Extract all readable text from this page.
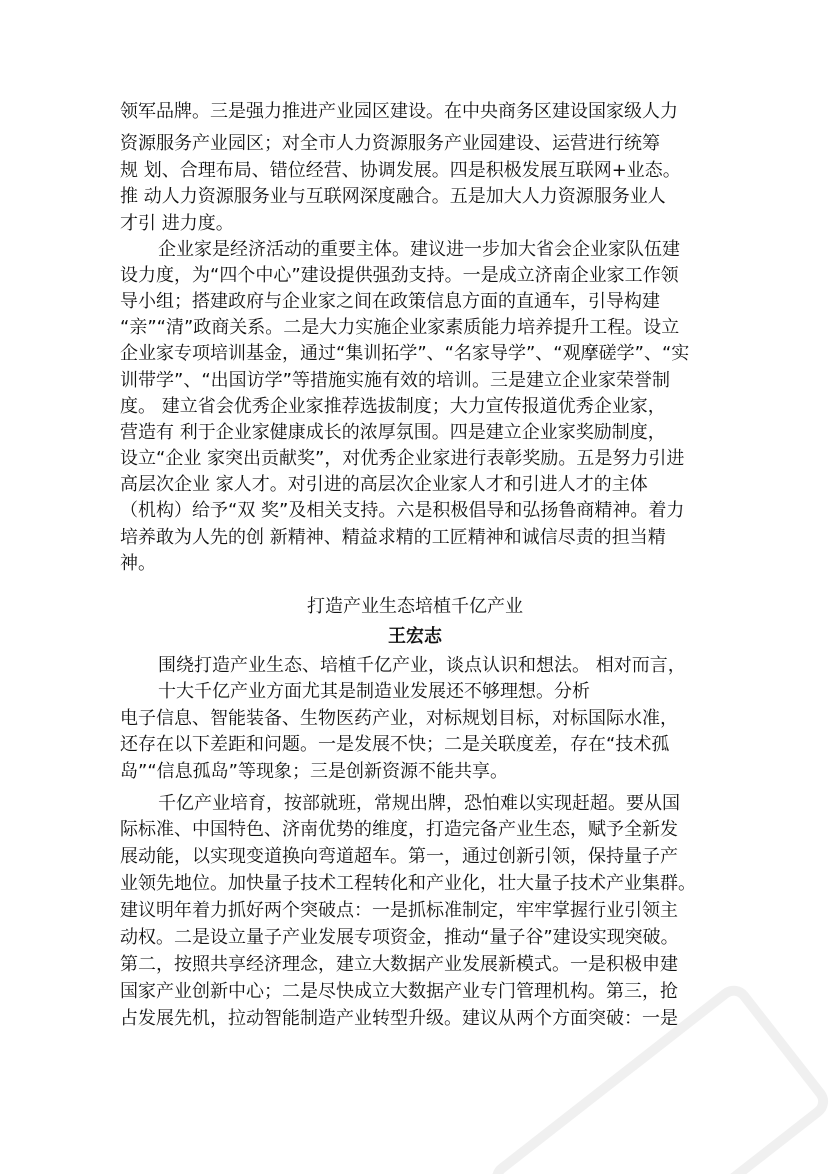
领军品牌。三是强力推进产业园区建设。在中央商务区建设国家级人力
资源服务产业园区；对全市人力资源服务产业园建设、运营进行统筹
规 划、合理布局、错位经营、协调发展。四是积极发展互联网+业态。
推 动人力资源服务业与互联网深度融合。五是加大人力资源服务业人
才引 进力度。
企业家是经济活动的重要主体。建议进一步加大省会企业家队伍建
设力度，为“四个中心”建设提供强劲支持。一是成立济南企业家工作领
导小组；搭建政府与企业家之间在政策信息方面的直通车，引导构建
“亲”“清”政商关系。二是大力实施企业家素质能力培养提升工程。设立
企业家专项培训基金，通过“集训拓学”、“名家导学”、“观摩磋学”、“实
训带学”、“出国访学”等措施实施有效的培训。三是建立企业家荣誉制
度。 建立省会优秀企业家推荐选拔制度；大力宣传报道优秀企业家，
营造有 利于企业家健康成长的浓厚氛围。四是建立企业家奖励制度，
设立“企业 家突出贡献奖”，对优秀企业家进行表彰奖励。五是努力引进
高层次企业 家人才。对引进的高层次企业家人才和引进人才的主体
（机构）给予“双 奖”及相关支持。六是积极倡导和弘扬鲁商精神。着力
培养敢为人先的创 新精神、精益求精的工匠精神和诚信尽责的担当精
神。
打造产业生态培植千亿产业
王宏志
围绕打造产业生态、培植千亿产业，谈点认识和想法。 相对而言，
十大千亿产业方面尤其是制造业发展还不够理想。分析
电子信息、智能装备、生物医药产业，对标规划目标，对标国际水准，
还存在以下差距和问题。一是发展不快；二是关联度差，存在“技术孤
岛”“信息孤岛”等现象；三是创新资源不能共享。
千亿产业培育，按部就班，常规出牌，恐怕难以实现赶超。要从国
际标准、中国特色、济南优势的维度，打造完备产业生态，赋予全新发
展动能，以实现变道换向弯道超车。第一，通过创新引领，保持量子产
业领先地位。加快量子技术工程转化和产业化，壮大量子技术产业集群。
建议明年着力抓好两个突破点：一是抓标准制定，牢牢掌握行业引领主
动权。二是设立量子产业发展专项资金，推动“量子谷”建设实现突破。
第二，按照共享经济理念，建立大数据产业发展新模式。一是积极申建
国家产业创新中心；二是尽快成立大数据产业专门管理机构。第三，抢
占发展先机，拉动智能制造产业转型升级。建议从两个方面突破：一是
